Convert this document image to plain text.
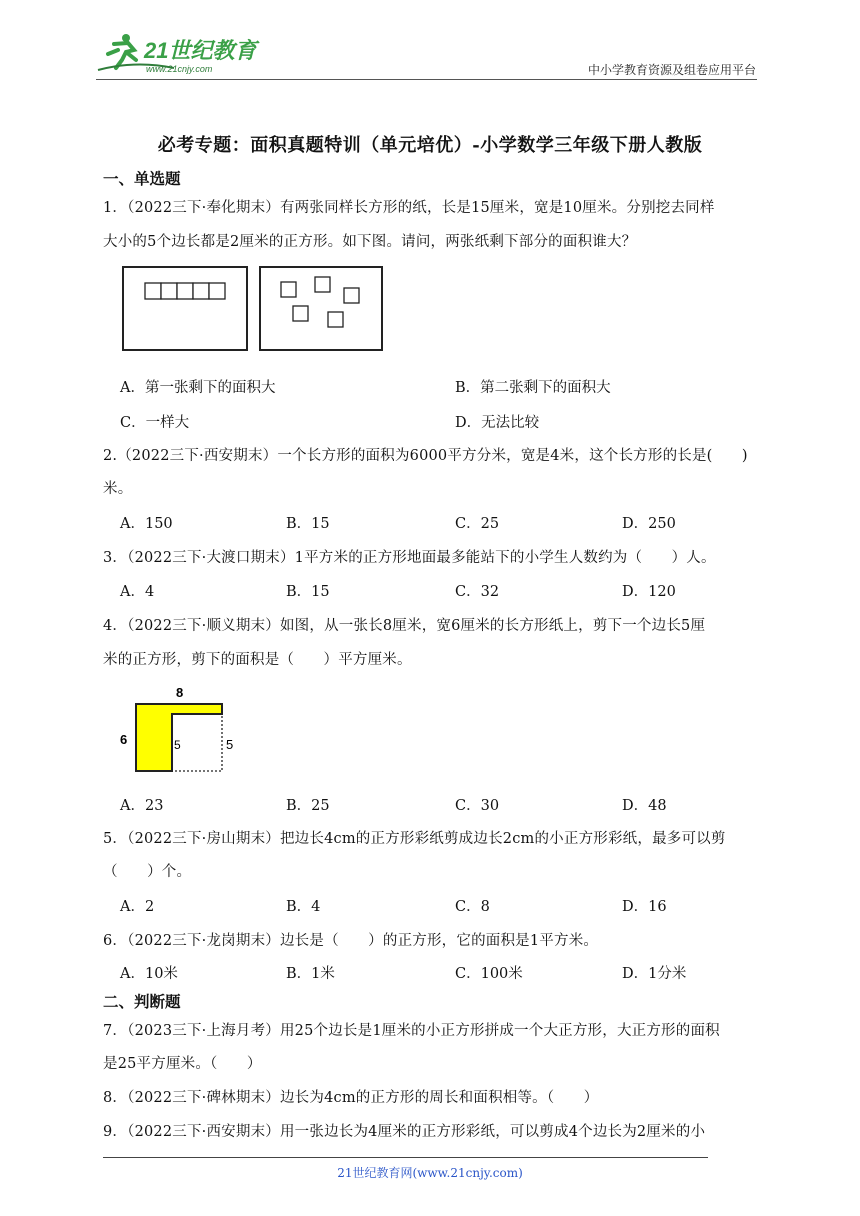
21世纪教育
www.21cnjy.com	中小学教育资源及组卷应用平台
必考专题：面积真题特训（单元培优）-小学数学三年级下册人教版
一、单选题
1．（2022三下·奉化期末）有两张同样长方形的纸，长是15厘米，宽是10厘米。分别挖去同样
大小的5个边长都是2厘米的正方形。如下图。请问，两张纸剩下部分的面积谁大？
A．第一张剩下的面积大	B．第二张剩下的面积大
C．一样大	D．无法比较
2.（2022三下·西安期末）一个长方形的面积为6000平方分米，宽是4米，这个长方形的长是(　　)
米。
A．150	B．15	C．25	D．250
3．（2022三下·大渡口期末）1平方米的正方形地面最多能站下的小学生人数约为（　　）人。
A．4	B．15	C．32	D．120
4．（2022三下·顺义期末）如图，从一张长8厘米，宽6厘米的长方形纸上，剪下一个边长5厘
米的正方形，剪下的面积是（　　）平方厘米。
8
6	5	5
A．23	B．25	C．30	D．48
5．（2022三下·房山期末）把边长4cm的正方形彩纸剪成边长2cm的小正方形彩纸，最多可以剪
（　　）个。
A．2	B．4	C．8	D．16
6．（2022三下·龙岗期末）边长是（　　）的正方形，它的面积是1平方米。
A．10米	B．1米	C．100米	D．1分米
二、判断题
7．（2023三下·上海月考）用25个边长是1厘米的小正方形拼成一个大正方形，大正方形的面积
是25平方厘米。（　　）
8．（2022三下·碑林期末）边长为4cm的正方形的周长和面积相等。（　　）
9．（2022三下·西安期末）用一张边长为4厘米的正方形彩纸，可以剪成4个边长为2厘米的小
21世纪教育网(www.21cnjy.com)
